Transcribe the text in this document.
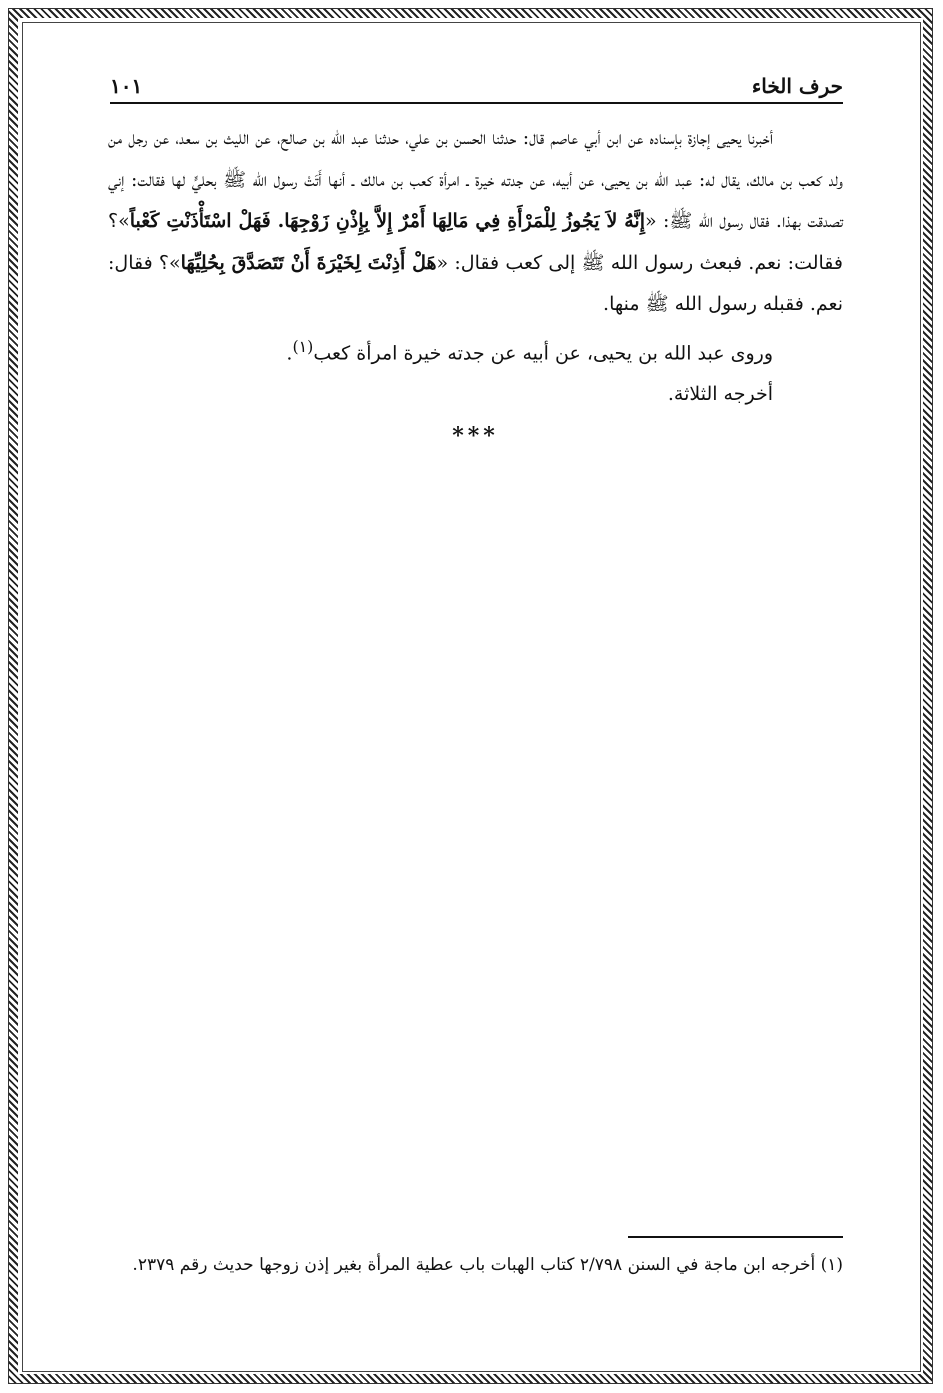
حرف الخاء
١٠١

أخبرنا يحيى إجازة بإسناده عن ابن أبي عاصم قال: حدثنا الحسن بن علي، حدثنا عبد الله بن صالح، عن الليث بن سعد، عن رجل من ولد كعب بن مالك، يقال له: عبد الله بن يحيى، عن أبيه، عن جدته خيرة ـ امرأة كعب بن مالك ـ أنها أَتَتْ رسول الله ﷺ بحليٍّ لها فقالت: إني تصدقت بهذا. فقال رسول الله ﷺ: «إِنَّهُ لاَ يَجُوزُ لِلْمَرْأَةِ فِي مَالِهَا أَمْرٌ إِلاَّ بِإِذْنِ زَوْجِهَا. فَهَلْ اسْتَأْذَنْتِ كَعْباً»؟ فقالت: نعم. فبعث رسول الله ﷺ إلى كعب فقال: «هَلْ أَذِنْتَ لِخَيْرَةَ أَنْ تَتَصَدَّقَ بِحُلِيِّهَا»؟ فقال: نعم. فقبله رسول الله ﷺ منها.

وروى عبد الله بن يحيى، عن أبيه عن جدته خيرة امرأة كعب$^{(١)}$.

أخرجه الثلاثة.

***

(١) أخرجه ابن ماجة في السنن ٢/٧٩٨ كتاب الهبات باب عطية المرأة بغير إذن زوجها حديث رقم ٢٣٧٩.
